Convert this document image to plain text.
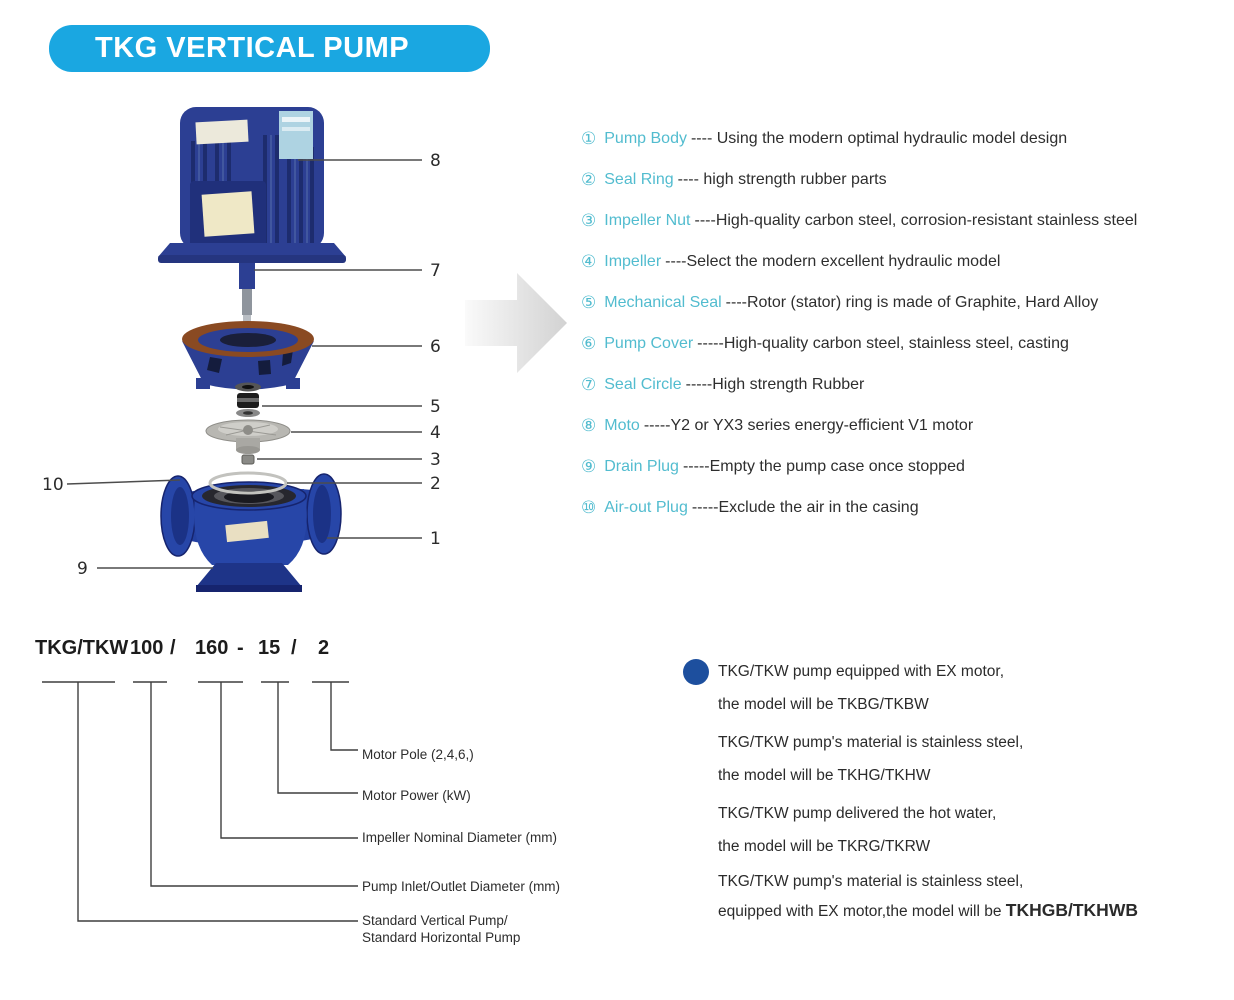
TKG VERTICAL PUMP
8
7
6
5
4
3
2
1
10
9
① Pump Body ---- Using the modern optimal hydraulic model design
② Seal Ring ---- high strength rubber parts
③ Impeller Nut ----High-quality carbon steel, corrosion-resistant stainless steel
④ Impeller ----Select the modern excellent hydraulic model
⑤ Mechanical Seal ----Rotor (stator) ring is made of Graphite, Hard Alloy
⑥ Pump Cover -----High-quality carbon steel, stainless steel, casting
⑦ Seal Circle -----High strength Rubber
⑧ Moto -----Y2 or YX3 series energy-efficient V1 motor
⑨ Drain Plug -----Empty the pump case once stopped
⑩ Air-out Plug -----Exclude the air in the casing
TKG/TKW 100 / 160 - 15 / 2
Motor Pole (2,4,6,)
Motor Power (kW)
Impeller Nominal Diameter (mm)
Pump Inlet/Outlet Diameter (mm)
Standard Vertical Pump/
Standard Horizontal Pump
TKG/TKW pump equipped with EX motor,
the model will be TKBG/TKBW
TKG/TKW pump's material is stainless steel,
the model will be TKHG/TKHW
TKG/TKW pump delivered the hot water,
the model will be TKRG/TKRW
TKG/TKW pump's material is stainless steel,
equipped with EX motor,the model will be TKHGB/TKHWB
